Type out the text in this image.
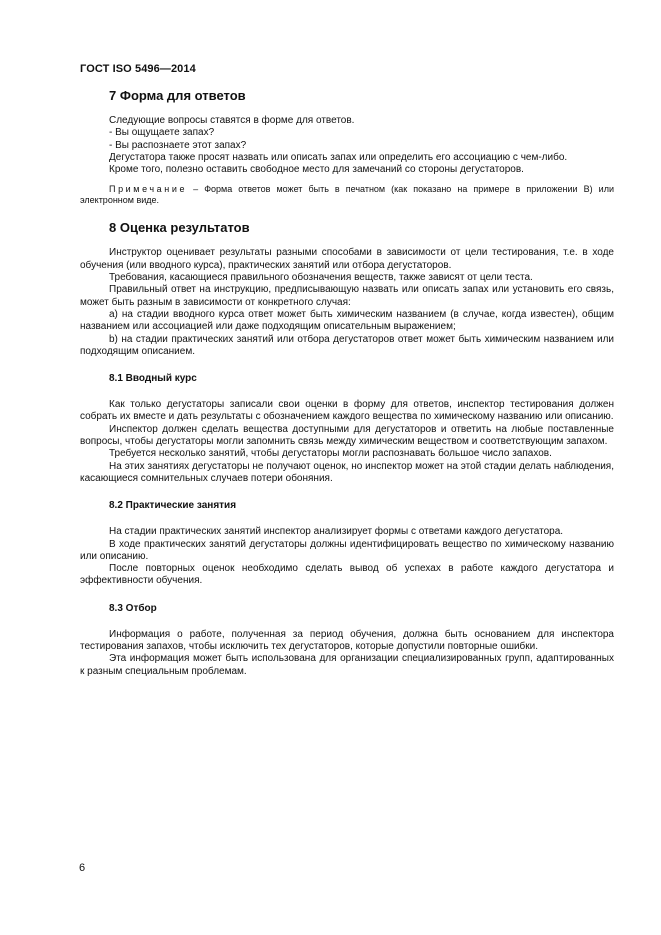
ГОСТ ISO 5496—2014
7 Форма для ответов

Следующие вопросы ставятся в форме для ответов.

- Вы ощущаете запах?

- Вы распознаете этот запах?

Дегустатора также просят назвать или описать запах или определить его ассоциацию с чем-либо.

Кроме того, полезно оставить свободное место для замечаний со стороны дегустаторов.

Примечание – Форма ответов может быть в печатном (как показано на примере в приложении В) или электронном виде.
8 Оценка результатов

Инструктор оценивает результаты разными способами в зависимости от цели тестирования, т.е. в ходе обучения (или вводного курса), практических занятий или отбора дегустаторов.

Требования, касающиеся правильного обозначения веществ, также зависят от цели теста.

Правильный ответ на инструкцию, предписывающую назвать или описать запах или установить его связь, может быть разным в зависимости от конкретного случая:

a) на стадии вводного курса ответ может быть химическим названием (в случае, когда известен), общим названием или ассоциацией или даже подходящим описательным выражением;

b) на стадии практических занятий или отбора дегустаторов ответ может быть химическим названием или подходящим описанием.

8.1 Вводный курс

Как только дегустаторы записали свои оценки в форму для ответов, инспектор тестирования должен собрать их вместе и дать результаты с обозначением каждого вещества по химическому названию или описанию.

Инспектор должен сделать вещества доступными для дегустаторов и ответить на любые поставленные вопросы, чтобы дегустаторы могли запомнить связь между химическим веществом и соответствующим запахом.

Требуется несколько занятий, чтобы дегустаторы могли распознавать большое число запахов.

На этих занятиях дегустаторы не получают оценок, но инспектор может на этой стадии делать наблюдения, касающиеся сомнительных случаев потери обоняния.

8.2 Практические занятия

На стадии практических занятий инспектор анализирует формы с ответами каждого дегустатора.

В ходе практических занятий дегустаторы должны идентифицировать вещество по химическому названию или описанию.

После повторных оценок необходимо сделать вывод об успехах в работе каждого дегустатора и эффективности обучения.

8.3 Отбор

Информация о работе, полученная за период обучения, должна быть основанием для инспектора тестирования запахов, чтобы исключить тех дегустаторов, которые допустили повторные ошибки.

Эта информация может быть использована для организации специализированных групп, адаптированных к разным специальным проблемам.

6
